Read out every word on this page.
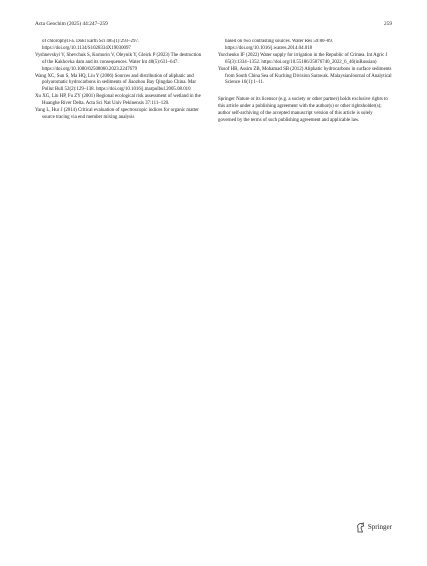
Acta Geochim (2025) 44:247–259	259
of chlorophyll-a. Dokl Earth Sci 485(1):293–297. https://doi.org/10.1134/S1028334X19030097
Vyshnevskyi V, Shevchuk S, Komorin V, Oleynik Y, Gleick P (2023) The destruction of the Kakhovka dam and its consequences. Water Int 48(5):631–647. https://doi.org/10.1080/02508060.2023.2247679
Wang XC, Sun S, Ma HQ, Liu Y (2006) Sources and distribution of aliphatic and polyaromatic hydrocarbons in sediments of Jiaozhou Bay Qingdao China. Mar Pollut Bull 52(2):129–138. https://doi.org/10.1016/j.marpolbul.2005.08.010
Xu XG, Lin HP, Fu ZY (2001) Regional ecological risk assessment of wetland in the Huanghe River Delta. Acta Sci Nat Univ Pekinensis 37:111–120.
Yang L, Hur J (2014) Critical evaluation of spectroscopic indices for organic matter source tracing via end member mixing analysis
based on two contrasting sources. Water Res 59:80–89. https://doi.org/10.1016/j.watres.2014.04.018
Yurchenko IF (2022) Water supply for irrigation in the Republic of Crimea. Int Agric J 65(3):1334–1352. https://doi.org/10.55186/25876740_2022_6_46(inRussian)
Yusof HB, Assim ZB, Mohamad SB (2012) Aliphatic hydrocarbons in surface sediments from South China Sea of Kuching Division Sarawak. MalaysianJournal of Analytical Science 16(1):1–11.
Springer Nature or its licensor (e.g. a society or other partner) holds exclusive rights to this article under a publishing agreement with the author(s) or other rightsholder(s); author self-archiving of the accepted manuscript version of this article is solely governed by the terms of such publishing agreement and applicable law.
Springer
